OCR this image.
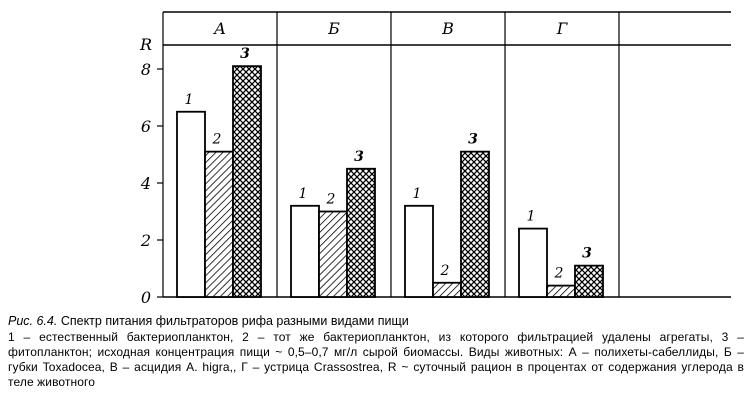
R
0
2
4
6
8
А	Б	В	Г
1
2
3
1 2
3
1
2
3
1
2
3
Рис. 6.4. Спектр питания фильтраторов рифа разными видами пищи
1 – естественный бактериопланктон, 2 – тот же бактериопланктон, из которого фильтрацией удалены агрегаты, 3 – фитопланктон; исходная концентрация пищи ~ 0,5–0,7 мг/л сырой биомассы. Виды животных: А – полихеты-сабеллиды, Б – губки Toxadocea, В – асцидия A. higra,, Г – устрица Crassostrea, R ~ суточный рацион в процентах от содержания углерода в теле животного
